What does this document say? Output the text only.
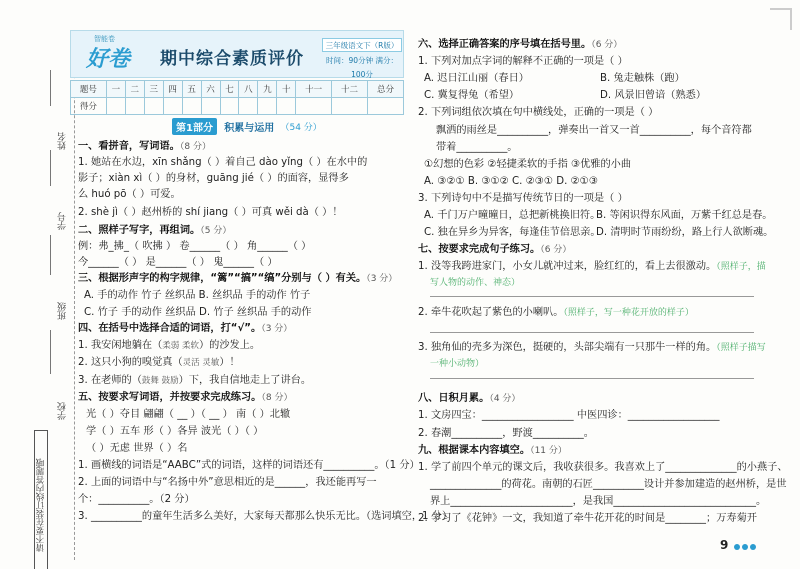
姓名
学号
班级
学校
请不要在装订线内答题哦
智能卷
好卷 期中综合素质评价
三年级语文下（R版）
时间：90分钟 满分：100分
题号	一	二	三	四	五	六	七	八	九	十	十一	十二	总分
得分													
第1部分 积累与运用 （54 分）
一、看拼音，写词语。（8 分）
1. 她站在水边，xīn shǎng（ ）着自己 dào yǐng（ ）在水中的
影子；xiàn xì（ ）的身材，guāng jié（ ）的面容，显得多
么 huó pō（ ）可爱。
2. shè jì（ ）赵州桥的 shí jiang（ ）可真 wěi dà（ ）！
二、照样子写字，再组词。（5 分）
例：弗_拂_（ 吹拂 ） 卷______（ ） 角______（ ）
今______（ ） 是______（ ） 鬼______（ ）
三、根据形声字的构字规律，“篱”“搞”“缟”分别与（ ）有关。（3 分）
A. 手的动作 竹子 丝织品 B. 丝织品 手的动作 竹子
C. 竹子 手的动作 丝织品 D. 竹子 丝织品 手的动作
四、在括号中选择合适的词语，打“√”。（3 分）
1. 我安闲地躺在（柔弱 柔软）的沙发上。
2. 这只小狗的嗅觉真（灵活 灵敏）！
3. 在老师的（鼓舞 鼓励）下，我自信地走上了讲台。
五、按要求写词语，并按要求完成练习。（8 分）
光（ ）夺目 翩翩（ __ ）（ __ ） 南（ ）北辙
学（ ）五车 形（ ）各异 波光（ ）（ ）
（ ）无虑 世界（ ）名
1. 画横线的词语是“AABC”式的词语，这样的词语还有__________。（1 分）
2. 上面的词语中与“名扬中外”意思相近的是______，我还能再写一
个：__________。（2 分）
3. __________的童年生活多么美好，大家每天都那么快乐无比。（选词填空，1 分）
六、选择正确答案的序号填在括号里。（6 分）
1. 下列对加点字词的解释不正确的一项是（ ）
A. 迟日江山丽（春日）	B. 兔走触株（跑）
C. 冀复得兔（希望）	D. 风景旧曾谙（熟悉）
2. 下列词组依次填在句中横线处，正确的一项是（ ）
飘洒的雨丝是__________，弹奏出一首又一首__________，每个音符都
带着__________。
①幻想的色彩 ②轻捷柔软的手指 ③优雅的小曲
A. ③②① B. ③①② C. ②③① D. ②①③
3. 下列诗句中不是描写传统节日的一项是（ ）
A. 千门万户曈曈日，总把新桃换旧符。
B. 等闲识得东风面，万紫千红总是春。
C. 独在异乡为异客，每逢佳节倍思亲。
D. 清明时节雨纷纷，路上行人欲断魂。
七、按要求完成句子练习。（6 分）
1. 没等我跨进家门，小女儿就冲过来，脸红红的，看上去很激动。（照样子，描
写人物的动作、神态）
2. 牵牛花吹起了紫色的小喇叭。（照样子，写一种花开放的样子）
3. 独角仙的壳多为深色，挺硬的，头部尖端有一只那牛一样的角。（照样子描写
一种小动物）
八、日积月累。（4 分）
1. 文房四宝：__________________ 中医四诊：__________________
2. 春潮__________，野渡__________。
九、根据课本内容填空。（11 分）
1. 学了前四个单元的课文后，我收获很多。我喜欢上了______________的小燕子、
______________的荷花。南朝的石匠__________设计并参加建造的赵州桥，是世
界上________________________，是我国____________________________。
2. 学习了《花钟》一文，我知道了牵牛花开花的时间是________；万寿菊开
9
